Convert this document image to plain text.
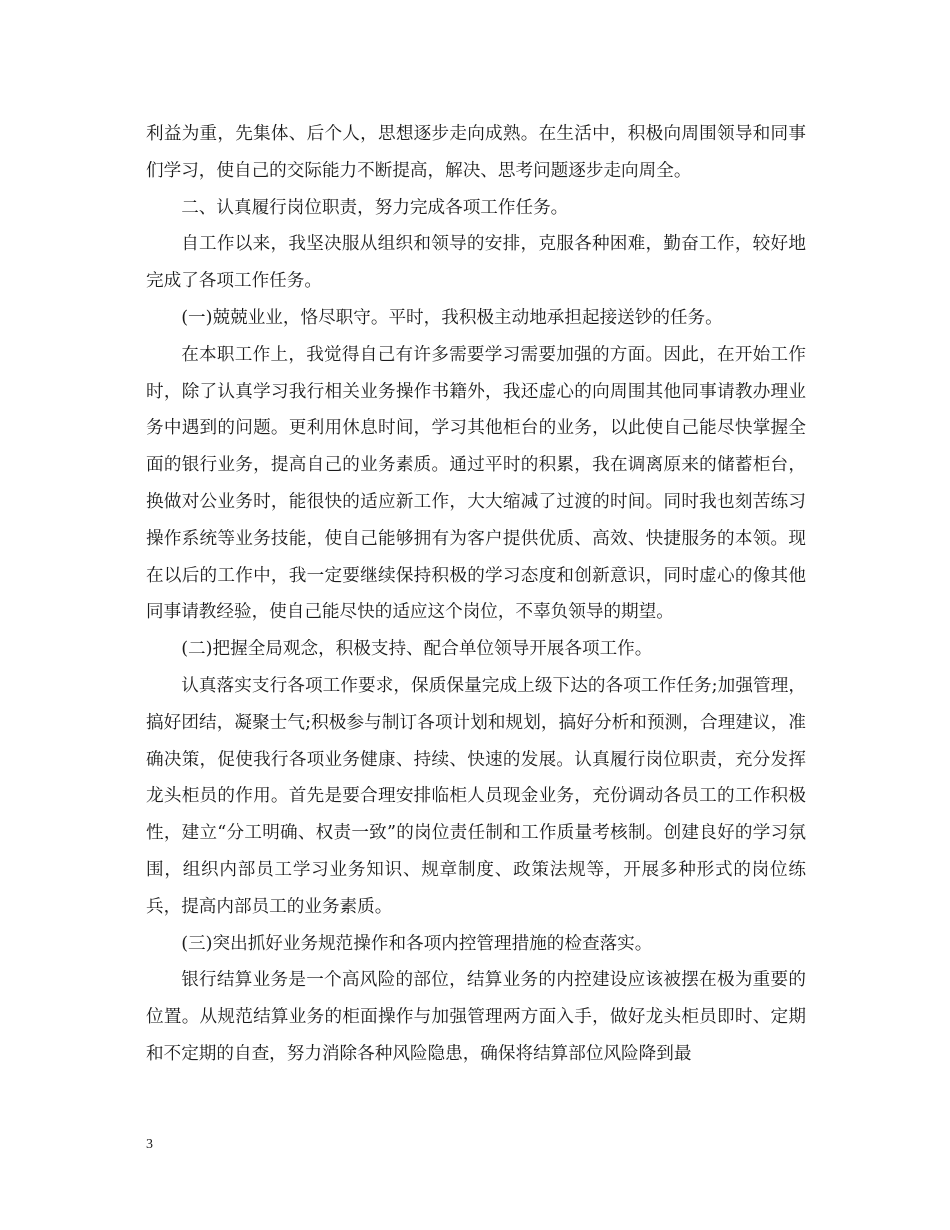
利益为重，先集体、后个人，思想逐步走向成熟。在生活中，积极向周围领导和同事们学习，使自己的交际能力不断提高，解决、思考问题逐步走向周全。

二、认真履行岗位职责，努力完成各项工作任务。

自工作以来，我坚决服从组织和领导的安排，克服各种困难，勤奋工作，较好地完成了各项工作任务。

(一)兢兢业业，恪尽职守。平时，我积极主动地承担起接送钞的任务。

在本职工作上，我觉得自己有许多需要学习需要加强的方面。因此，在开始工作时，除了认真学习我行相关业务操作书籍外，我还虚心的向周围其他同事请教办理业务中遇到的问题。更利用休息时间，学习其他柜台的业务，以此使自己能尽快掌握全面的银行业务，提高自己的业务素质。通过平时的积累，我在调离原来的储蓄柜台，换做对公业务时，能很快的适应新工作，大大缩减了过渡的时间。同时我也刻苦练习操作系统等业务技能，使自己能够拥有为客户提供优质、高效、快捷服务的本领。现在以后的工作中，我一定要继续保持积极的学习态度和创新意识，同时虚心的像其他同事请教经验，使自己能尽快的适应这个岗位，不辜负领导的期望。

(二)把握全局观念，积极支持、配合单位领导开展各项工作。

认真落实支行各项工作要求，保质保量完成上级下达的各项工作任务;加强管理，搞好团结，凝聚士气;积极参与制订各项计划和规划，搞好分析和预测，合理建议，准确决策，促使我行各项业务健康、持续、快速的发展。认真履行岗位职责，充分发挥龙头柜员的作用。首先是要合理安排临柜人员现金业务，充份调动各员工的工作积极性，建立“分工明确、权责一致”的岗位责任制和工作质量考核制。创建良好的学习氛围，组织内部员工学习业务知识、规章制度、政策法规等，开展多种形式的岗位练兵，提高内部员工的业务素质。

(三)突出抓好业务规范操作和各项内控管理措施的检查落实。

银行结算业务是一个高风险的部位，结算业务的内控建设应该被摆在极为重要的位置。从规范结算业务的柜面操作与加强管理两方面入手，做好龙头柜员即时、定期和不定期的自查，努力消除各种风险隐患，确保将结算部位风险降到最

3
